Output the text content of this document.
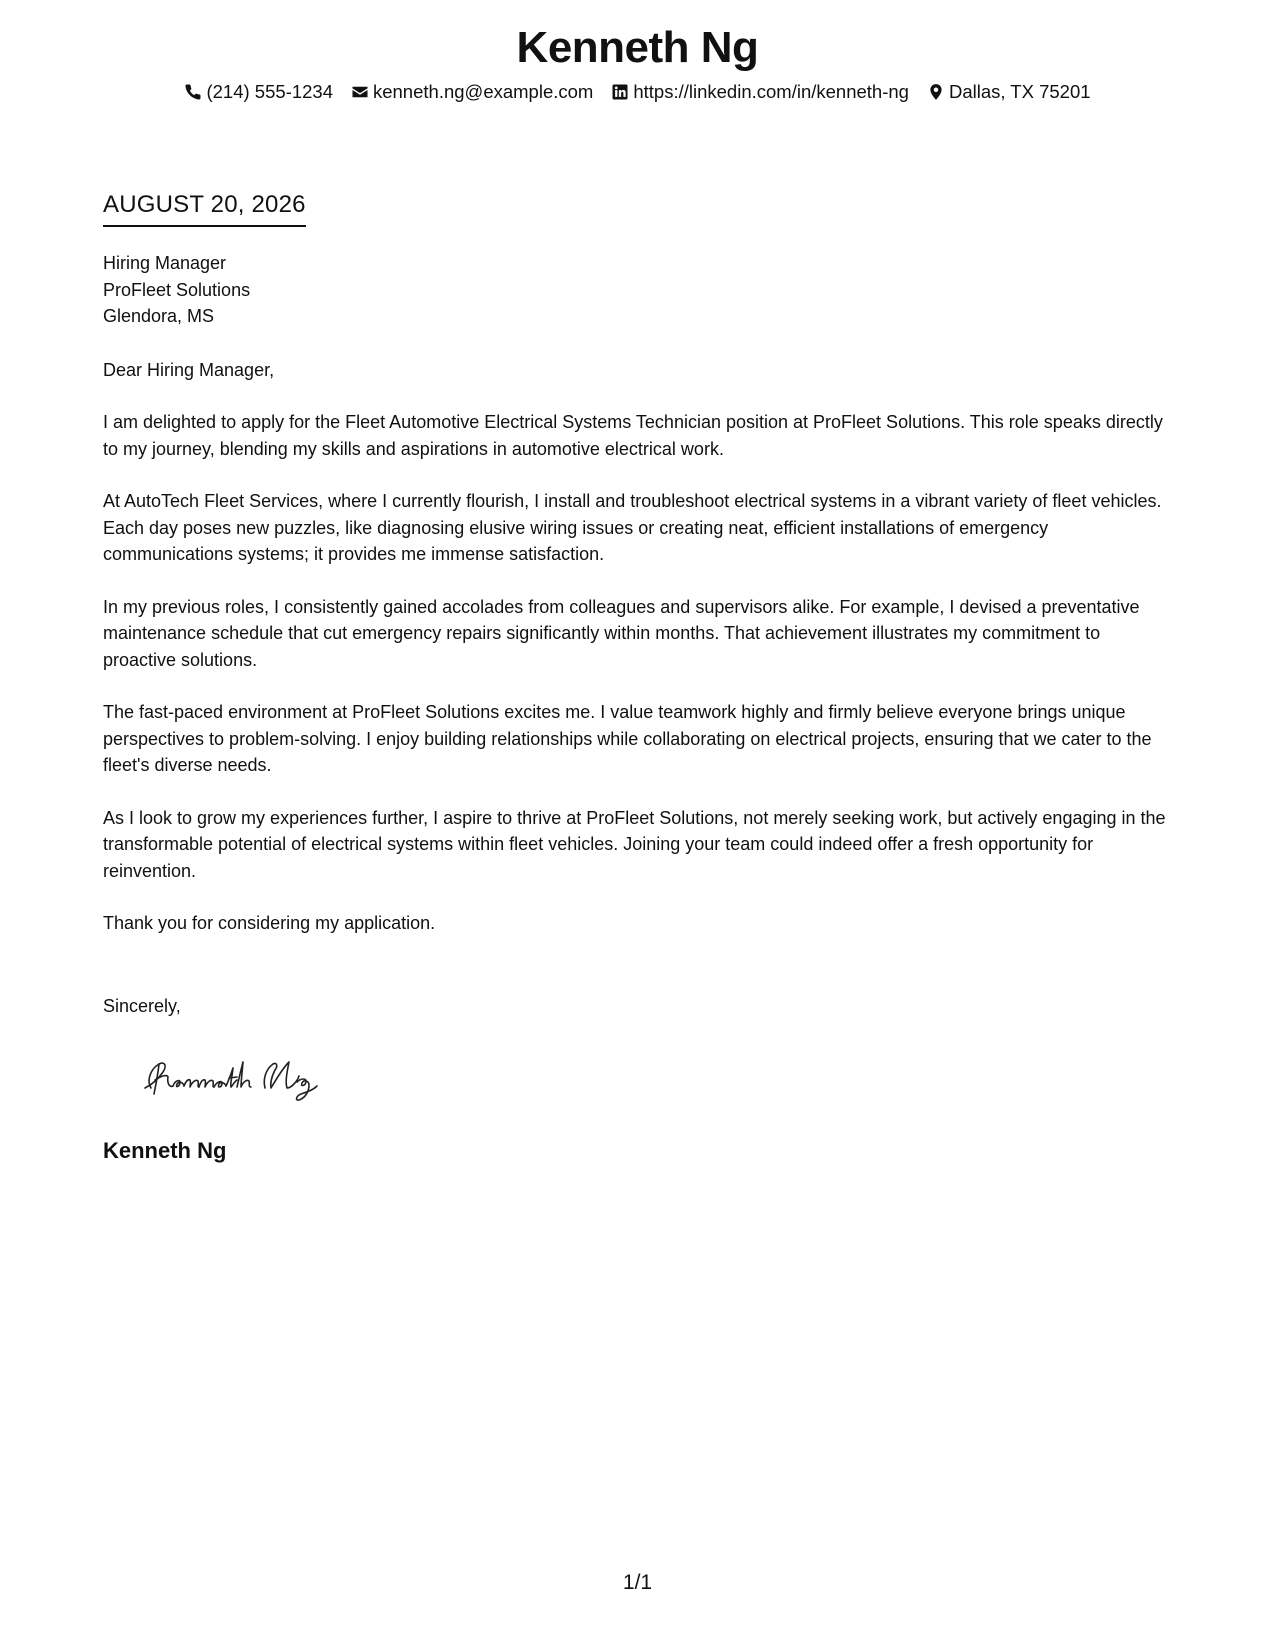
Kenneth Ng
(214) 555-1234 kenneth.ng@example.com https://linkedin.com/in/kenneth-ng Dallas, TX 75201
AUGUST 20, 2026
Hiring Manager
ProFleet Solutions
Glendora, MS

Dear Hiring Manager,

I am delighted to apply for the Fleet Automotive Electrical Systems Technician position at ProFleet Solutions. This role speaks directly to my journey, blending my skills and aspirations in automotive electrical work.

At AutoTech Fleet Services, where I currently flourish, I install and troubleshoot electrical systems in a vibrant variety of fleet vehicles. Each day poses new puzzles, like diagnosing elusive wiring issues or creating neat, efficient installations of emergency communications systems; it provides me immense satisfaction.

In my previous roles, I consistently gained accolades from colleagues and supervisors alike. For example, I devised a preventative maintenance schedule that cut emergency repairs significantly within months. That achievement illustrates my commitment to proactive solutions.

The fast-paced environment at ProFleet Solutions excites me. I value teamwork highly and firmly believe everyone brings unique perspectives to problem-solving. I enjoy building relationships while collaborating on electrical projects, ensuring that we cater to the fleet's diverse needs.

As I look to grow my experiences further, I aspire to thrive at ProFleet Solutions, not merely seeking work, but actively engaging in the transformable potential of electrical systems within fleet vehicles. Joining your team could indeed offer a fresh opportunity for reinvention.

Thank you for considering my application.

Sincerely,
Kenneth Ng
1/1
